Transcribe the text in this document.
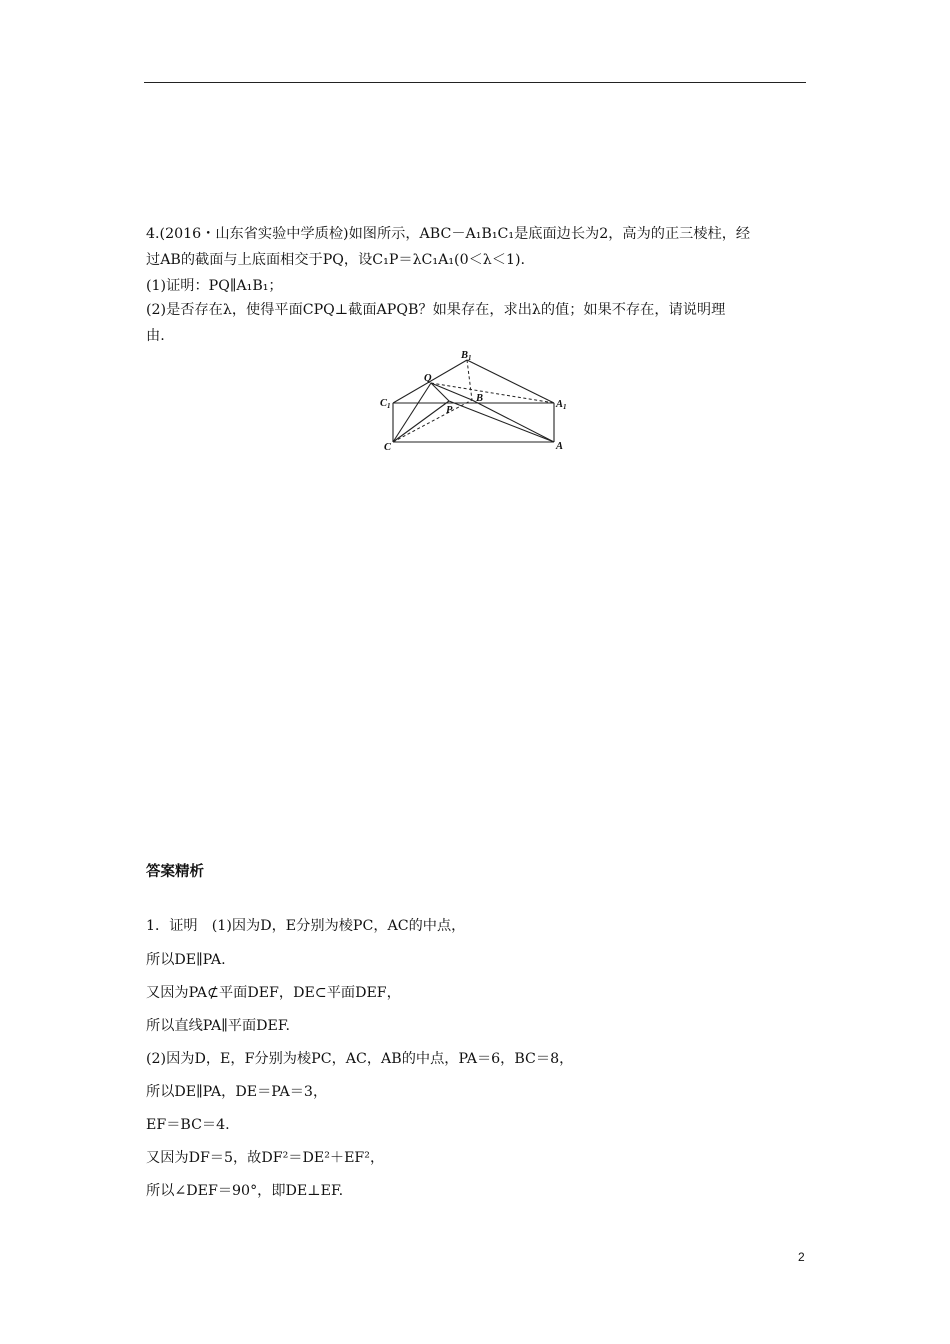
4.(2016・山东省实验中学质检)如图所示，ABC－A₁B₁C₁是底面边长为2，高为的正三棱柱，经
过AB的截面与上底面相交于PQ，设C₁P＝λC₁A₁(0＜λ＜1).
(1)证明：PQ∥A₁B₁；
(2)是否存在λ，使得平面CPQ⊥截面APQB？如果存在，求出λ的值；如果不存在，请说明理
由.
B1
Q
C1	P
B
A1
C	A
答案精析
1．证明　(1)因为D，E分别为棱PC，AC的中点，
所以DE∥PA.
又因为PA⊄平面DEF，DE⊂平面DEF，
所以直线PA∥平面DEF.
(2)因为D，E，F分别为棱PC，AC，AB的中点，PA＝6，BC＝8，
所以DE∥PA，DE＝PA＝3，
EF＝BC＝4.
又因为DF＝5，故DF²＝DE²＋EF²，
所以∠DEF＝90°，即DE⊥EF.
2
